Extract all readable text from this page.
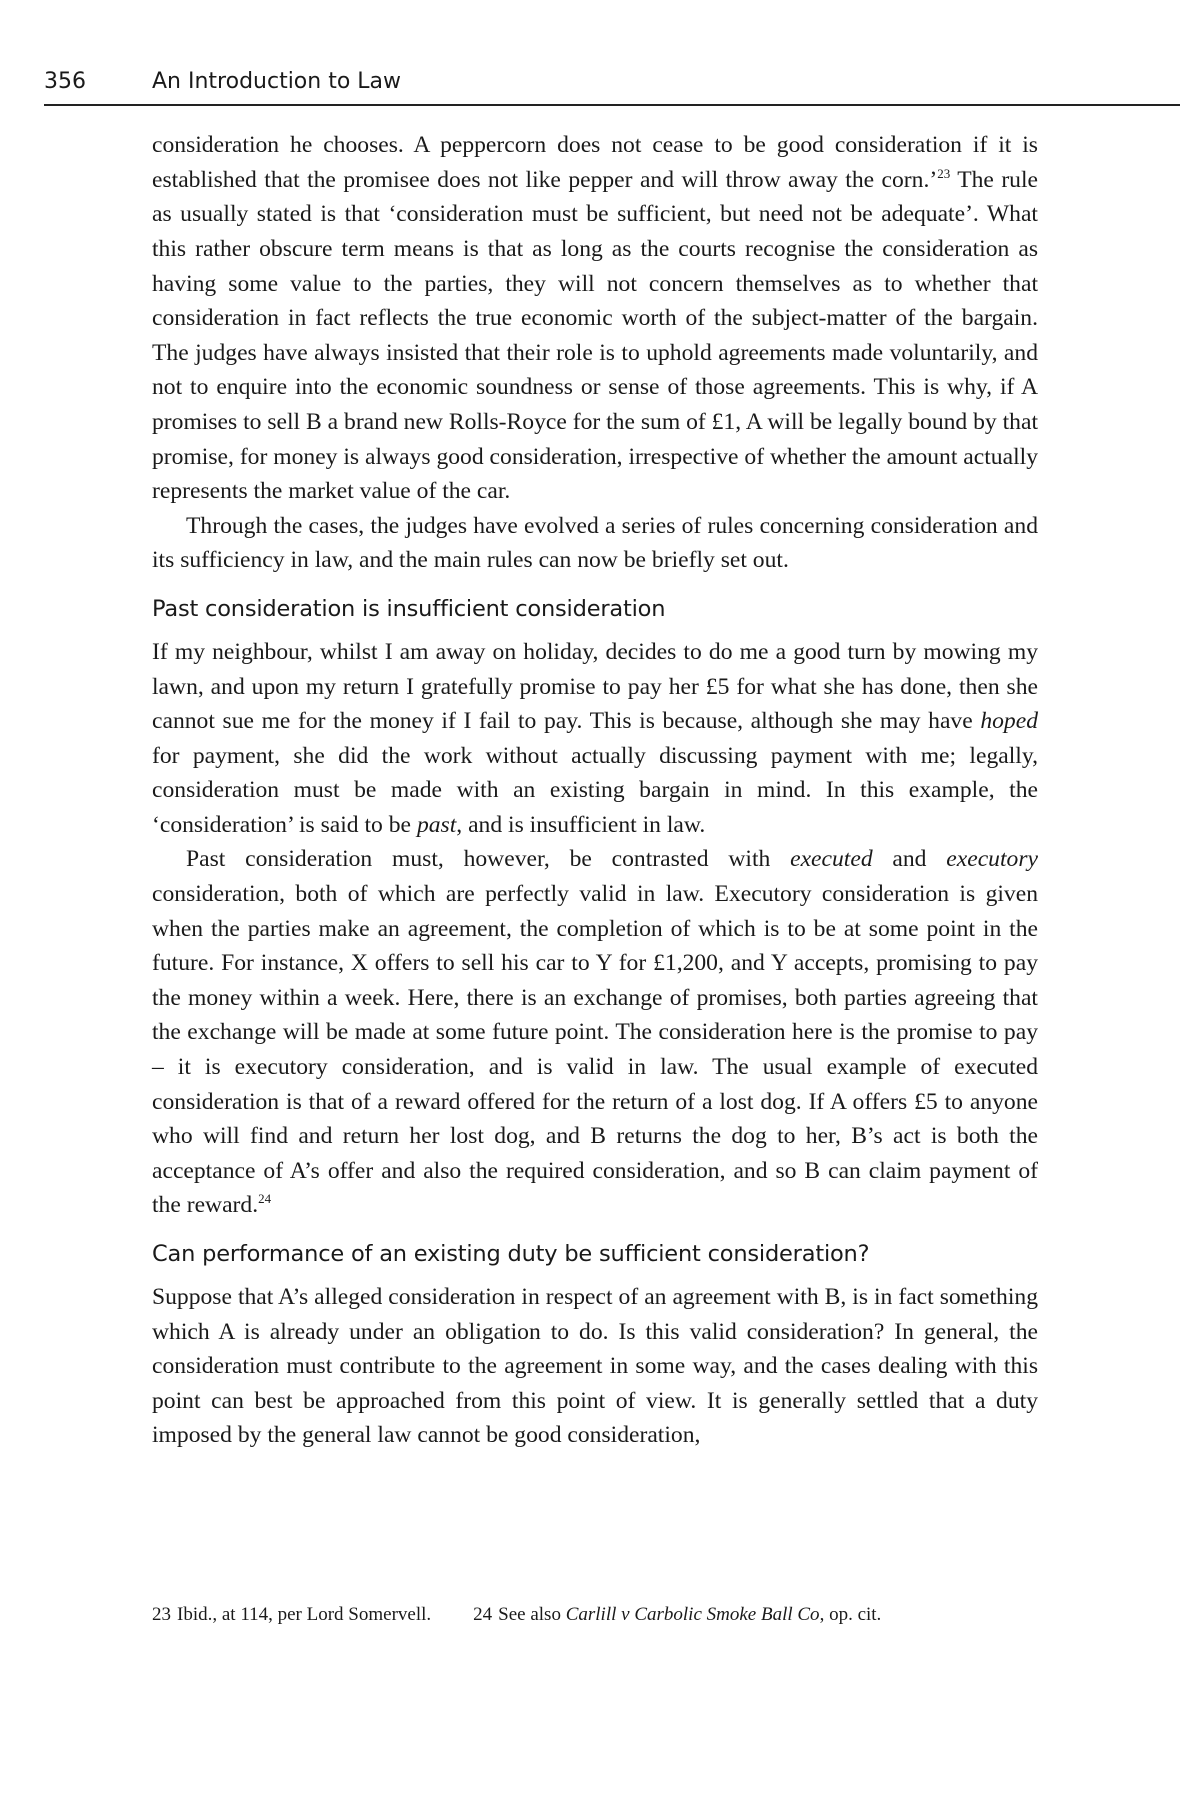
356	An Introduction to Law

consideration he chooses. A peppercorn does not cease to be good consideration if it is established that the promisee does not like pepper and will throw away the corn.’$^{23}$ The rule as usually stated is that ‘consideration must be sufficient, but need not be adequate’. What this rather obscure term means is that as long as the courts recognise the consideration as having some value to the parties, they will not concern themselves as to whether that consideration in fact reflects the true economic worth of the subject-matter of the bargain. The judges have always insisted that their role is to uphold agreements made voluntarily, and not to enquire into the economic soundness or sense of those agreements. This is why, if A promises to sell B a brand new Rolls-Royce for the sum of £1, A will be legally bound by that promise, for money is always good consideration, irrespective of whether the amount actually represents the market value of the car.

Through the cases, the judges have evolved a series of rules concerning consideration and its sufficiency in law, and the main rules can now be briefly set out.

Past consideration is insufficient consideration

If my neighbour, whilst I am away on holiday, decides to do me a good turn by mowing my lawn, and upon my return I gratefully promise to pay her £5 for what she has done, then she cannot sue me for the money if I fail to pay. This is because, although she may have hoped for payment, she did the work without actually discussing payment with me; legally, consideration must be made with an existing bargain in mind. In this example, the ‘consideration’ is said to be past, and is insufficient in law.

Past consideration must, however, be contrasted with executed and executory consideration, both of which are perfectly valid in law. Executory consideration is given when the parties make an agreement, the completion of which is to be at some point in the future. For instance, X offers to sell his car to Y for £1,200, and Y accepts, promising to pay the money within a week. Here, there is an exchange of promises, both parties agreeing that the exchange will be made at some future point. The consideration here is the promise to pay – it is executory consideration, and is valid in law. The usual example of executed consideration is that of a reward offered for the return of a lost dog. If A offers £5 to anyone who will find and return her lost dog, and B returns the dog to her, B’s act is both the acceptance of A’s offer and also the required consideration, and so B can claim payment of the reward.$^{24}$

Can performance of an existing duty be sufficient consideration?

Suppose that A’s alleged consideration in respect of an agreement with B, is in fact something which A is already under an obligation to do. Is this valid consideration? In general, the consideration must contribute to the agreement in some way, and the cases dealing with this point can best be approached from this point of view. It is generally settled that a duty imposed by the general law cannot be good consideration,

23 Ibid., at 114, per Lord Somervell. 24 See also Carlill v Carbolic Smoke Ball Co, op. cit.
